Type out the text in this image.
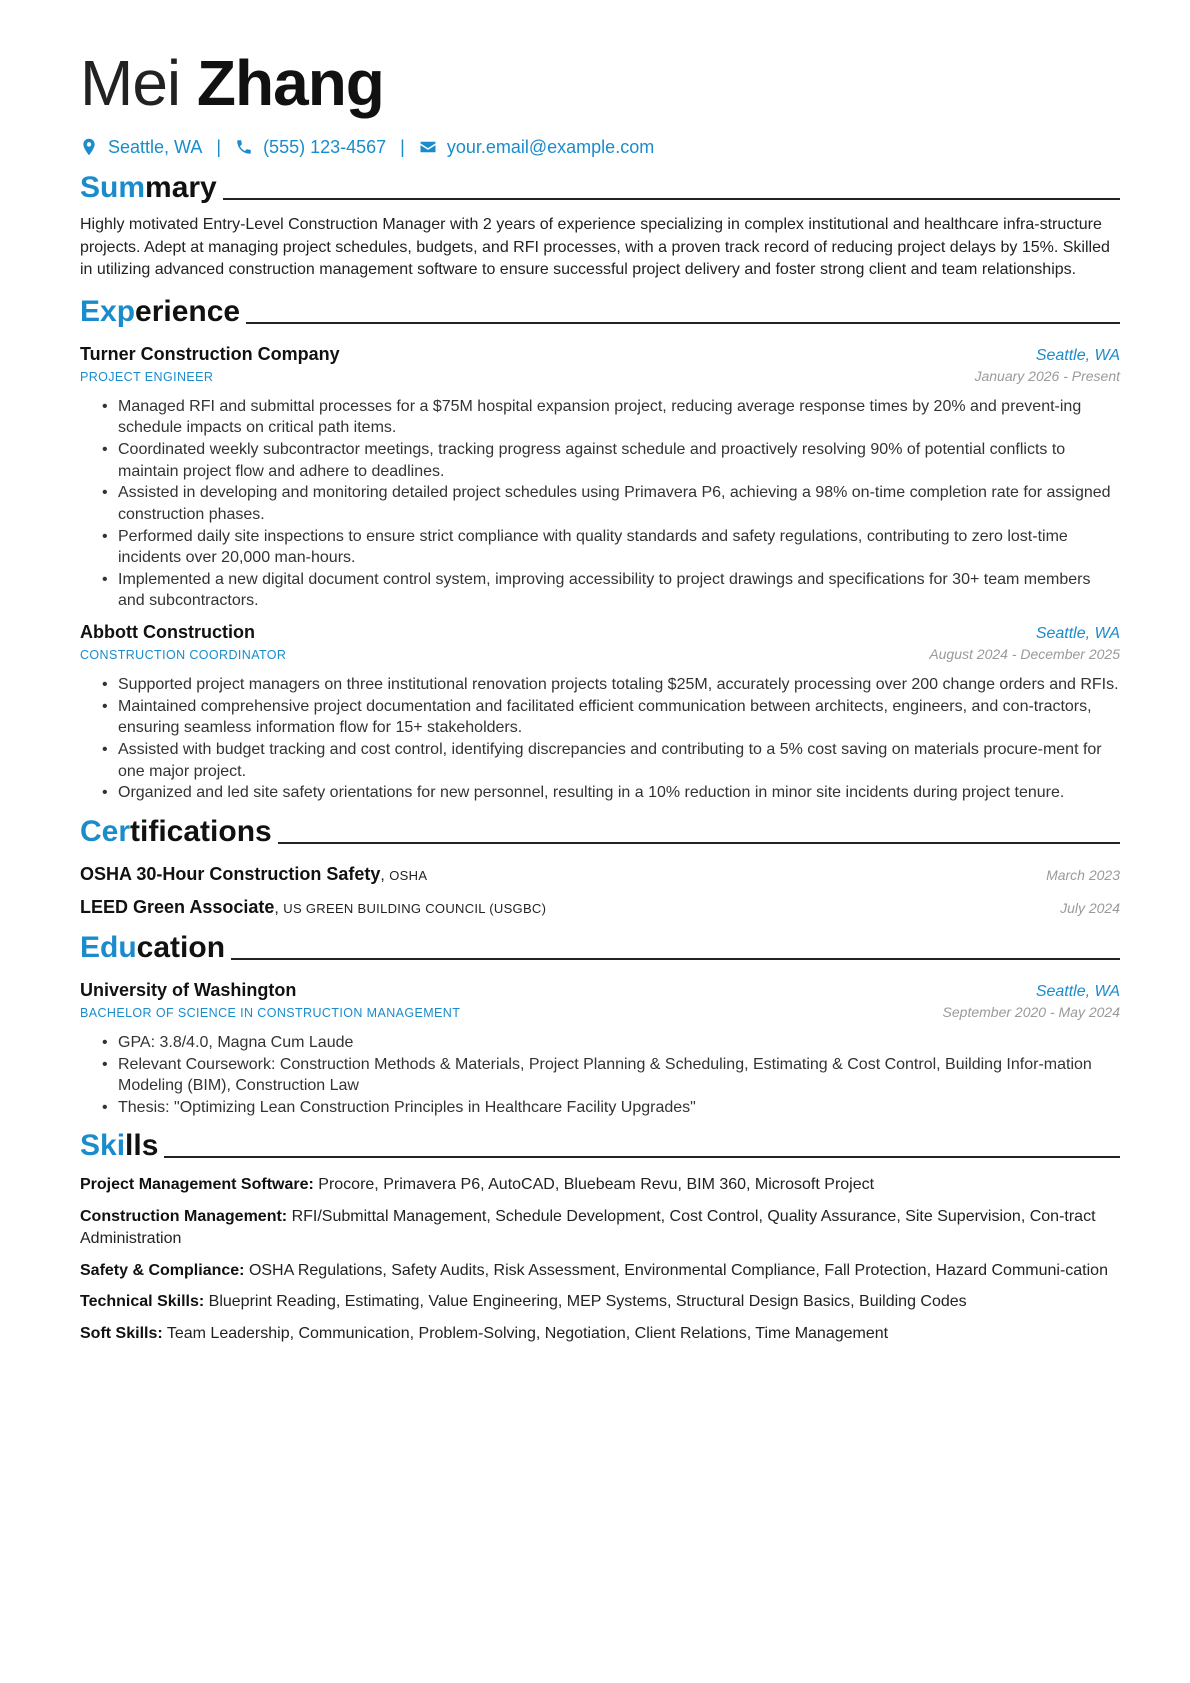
Mei Zhang
Seattle, WA | (555) 123-4567 | your.email@example.com
Sum mary

Highly motivated Entry-Level Construction Manager with 2 years of experience specializing in complex institutional and healthcare infra-structure projects. Adept at managing project schedules, budgets, and RFI processes, with a proven track record of reducing project delays by 15%. Skilled in utilizing advanced construction management software to ensure successful project delivery and foster strong client and team relationships.

Exp erience
Turner Construction Company	Seattle, WA
PROJECT ENGINEER	January 2026 - Present
• Managed RFI and submittal processes for a $75M hospital expansion project, reducing average response times by 20% and prevent-ing schedule impacts on critical path items.
• Coordinated weekly subcontractor meetings, tracking progress against schedule and proactively resolving 90% of potential conflicts to maintain project flow and adhere to deadlines.
• Assisted in developing and monitoring detailed project schedules using Primavera P6, achieving a 98% on-time completion rate for assigned construction phases.
• Performed daily site inspections to ensure strict compliance with quality standards and safety regulations, contributing to zero lost-time incidents over 20,000 man-hours.
• Implemented a new digital document control system, improving accessibility to project drawings and specifications for 30+ team members and subcontractors.
Abbott Construction	Seattle, WA
CONSTRUCTION COORDINATOR	August 2024 - December 2025
• Supported project managers on three institutional renovation projects totaling $25M, accurately processing over 200 change orders and RFIs.
• Maintained comprehensive project documentation and facilitated efficient communication between architects, engineers, and con-tractors, ensuring seamless information flow for 15+ stakeholders.
• Assisted with budget tracking and cost control, identifying discrepancies and contributing to a 5% cost saving on materials procure-ment for one major project.
• Organized and led site safety orientations for new personnel, resulting in a 10% reduction in minor site incidents during project tenure.
Cer tifications
OSHA 30-Hour Construction Safety, OSHA	March 2023
LEED Green Associate, US GREEN BUILDING COUNCIL (USGBC)	July 2024
Edu cation
University of Washington	Seattle, WA
BACHELOR OF SCIENCE IN CONSTRUCTION MANAGEMENT	September 2020 - May 2024
• GPA: 3.8/4.0, Magna Cum Laude
• Relevant Coursework: Construction Methods & Materials, Project Planning & Scheduling, Estimating & Cost Control, Building Infor-mation Modeling (BIM), Construction Law
• Thesis: "Optimizing Lean Construction Principles in Healthcare Facility Upgrades"
Ski lls

Project Management Software: Procore, Primavera P6, AutoCAD, Bluebeam Revu, BIM 360, Microsoft Project

Construction Management: RFI/Submittal Management, Schedule Development, Cost Control, Quality Assurance, Site Supervision, Con-tract Administration

Safety & Compliance: OSHA Regulations, Safety Audits, Risk Assessment, Environmental Compliance, Fall Protection, Hazard Communi-cation

Technical Skills: Blueprint Reading, Estimating, Value Engineering, MEP Systems, Structural Design Basics, Building Codes

Soft Skills: Team Leadership, Communication, Problem-Solving, Negotiation, Client Relations, Time Management
